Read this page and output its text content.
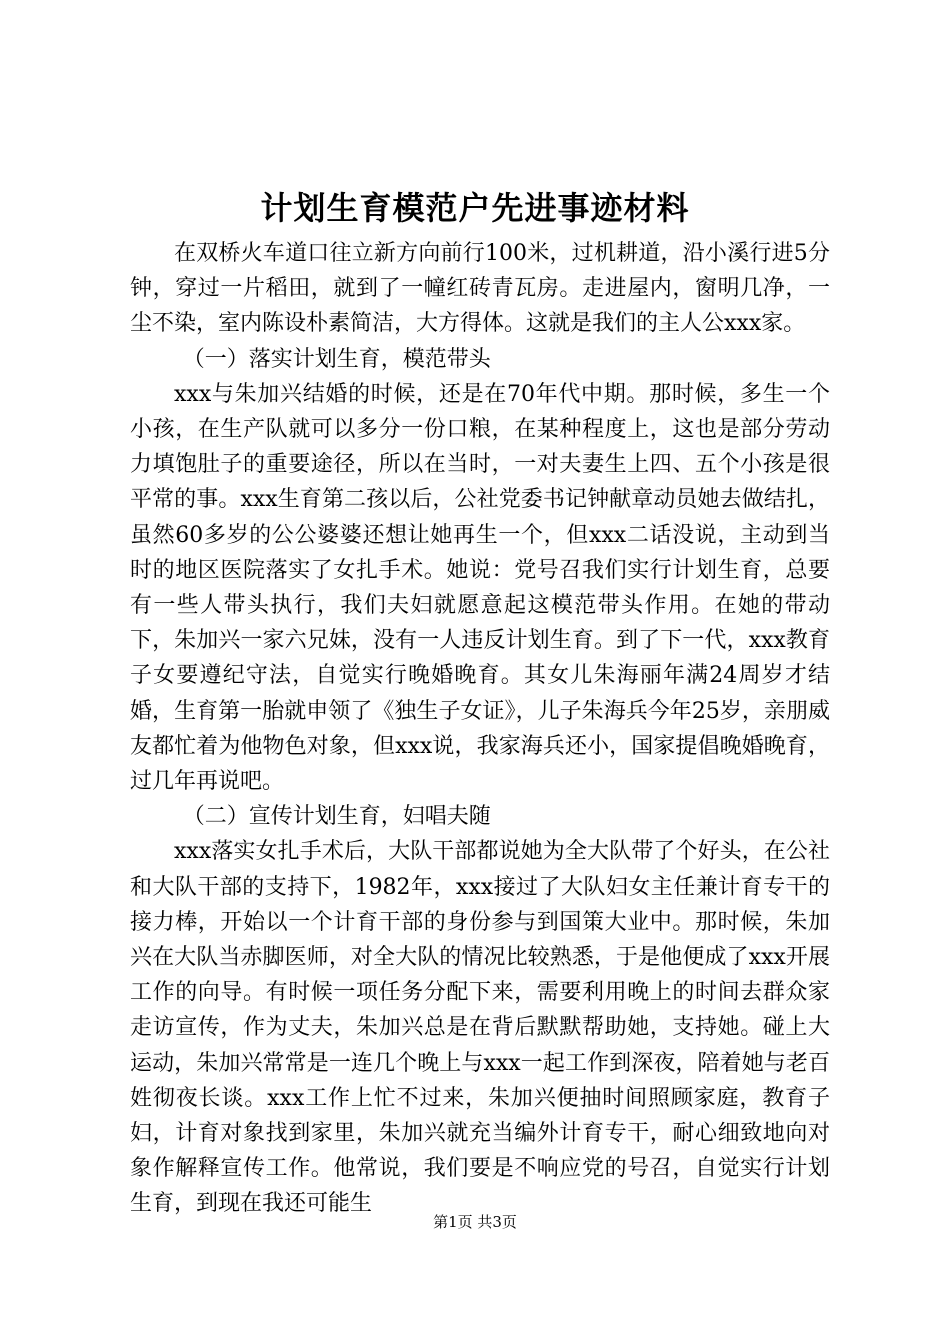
计划生育模范户先进事迹材料

在双桥火车道口往立新方向前行100米，过机耕道，沿小溪行进5分钟，穿过一片稻田，就到了一幢红砖青瓦房。走进屋内，窗明几净，一尘不染，室内陈设朴素简洁，大方得体。这就是我们的主人公xxx家。

（一）落实计划生育，模范带头

xxx与朱加兴结婚的时候，还是在70年代中期。那时候，多生一个小孩，在生产队就可以多分一份口粮，在某种程度上，这也是部分劳动力填饱肚子的重要途径，所以在当时，一对夫妻生上四、五个小孩是很平常的事。xxx生育第二孩以后，公社党委书记钟献章动员她去做结扎，虽然60多岁的公公婆婆还想让她再生一个，但xxx二话没说，主动到当时的地区医院落实了女扎手术。她说：党号召我们实行计划生育，总要有一些人带头执行，我们夫妇就愿意起这模范带头作用。在她的带动下，朱加兴一家六兄妹，没有一人违反计划生育。到了下一代，xxx教育子女要遵纪守法，自觉实行晚婚晚育。其女儿朱海丽年满24周岁才结婚，生育第一胎就申领了《独生子女证》，儿子朱海兵今年25岁，亲朋威友都忙着为他物色对象，但xxx说，我家海兵还小，国家提倡晚婚晚育，过几年再说吧。

（二）宣传计划生育，妇唱夫随

xxx落实女扎手术后，大队干部都说她为全大队带了个好头，在公社和大队干部的支持下，1982年，xxx接过了大队妇女主任兼计育专干的接力棒，开始以一个计育干部的身份参与到国策大业中。那时候，朱加兴在大队当赤脚医师，对全大队的情况比较熟悉，于是他便成了xxx开展工作的向导。有时候一项任务分配下来，需要利用晚上的时间去群众家走访宣传，作为丈夫，朱加兴总是在背后默默帮助她，支持她。碰上大运动，朱加兴常常是一连几个晚上与xxx一起工作到深夜，陪着她与老百姓彻夜长谈。xxx工作上忙不过来，朱加兴便抽时间照顾家庭，教育子妇，计育对象找到家里，朱加兴就充当编外计育专干，耐心细致地向对象作解释宣传工作。他常说，我们要是不响应党的号召，自觉实行计划生育，到现在我还可能生

第1页 共3页
